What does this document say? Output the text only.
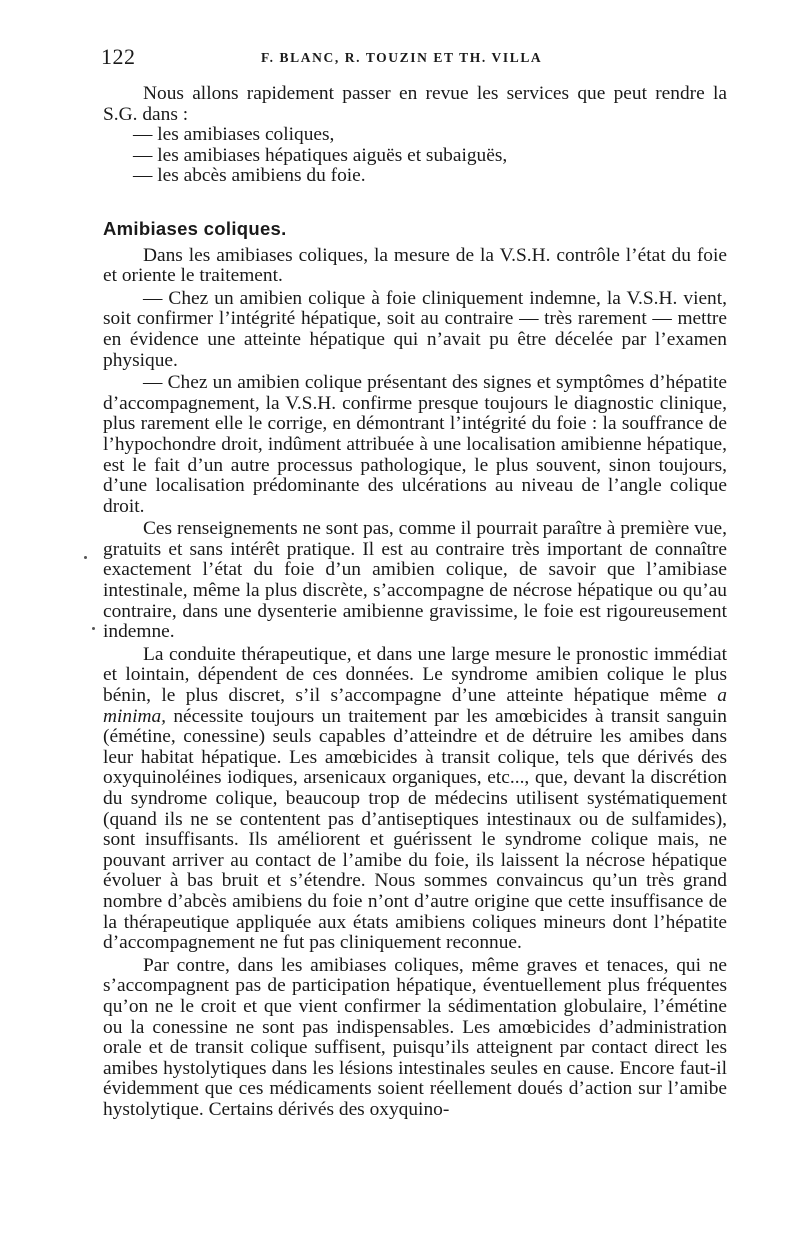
122	F. BLANC, R. TOUZIN ET TH. VILLA

Nous allons rapidement passer en revue les services que peut rendre la S.G. dans :

— les amibiases coliques,
— les amibiases hépatiques aiguës et subaiguës,
— les abcès amibiens du foie.
Amibiases coliques.

Dans les amibiases coliques, la mesure de la V.S.H. contrôle l’état du foie et oriente le traitement.

— Chez un amibien colique à foie cliniquement indemne, la V.S.H. vient, soit confirmer l’intégrité hépatique, soit au contraire — très rarement — mettre en évidence une atteinte hépatique qui n’avait pu être décelée par l’examen physique.

— Chez un amibien colique présentant des signes et symptômes d’hépatite d’accompagnement, la V.S.H. confirme presque toujours le diagnostic clinique, plus rarement elle le corrige, en démontrant l’intégrité du foie : la souffrance de l’hypochondre droit, indûment attribuée à une localisation amibienne hépatique, est le fait d’un autre processus pathologique, le plus souvent, sinon toujours, d’une localisation prédominante des ulcérations au niveau de l’angle colique droit.

Ces renseignements ne sont pas, comme il pourrait paraître à première vue, gratuits et sans intérêt pratique. Il est au contraire très important de connaître exactement l’état du foie d’un amibien colique, de savoir que l’amibiase intestinale, même la plus discrète, s’accompagne de nécrose hépatique ou qu’au contraire, dans une dysenterie amibienne gravissime, le foie est rigoureusement indemne.

La conduite thérapeutique, et dans une large mesure le pronostic immédiat et lointain, dépendent de ces données. Le syndrome amibien colique le plus bénin, le plus discret, s’il s’accompagne d’une atteinte hépatique même a minima, nécessite toujours un traitement par les amœbicides à transit sanguin (émétine, conessine) seuls capables d’atteindre et de détruire les amibes dans leur habitat hépatique. Les amœbicides à transit colique, tels que dérivés des oxyquinoléines iodiques, arsenicaux organiques, etc..., que, devant la discrétion du syndrome colique, beaucoup trop de médecins utilisent systématiquement (quand ils ne se contentent pas d’antiseptiques intestinaux ou de sulfamides), sont insuffisants. Ils améliorent et guérissent le syndrome colique mais, ne pouvant arriver au contact de l’amibe du foie, ils laissent la nécrose hépatique évoluer à bas bruit et s’étendre. Nous sommes convaincus qu’un très grand nombre d’abcès amibiens du foie n’ont d’autre origine que cette insuffisance de la thérapeutique appliquée aux états amibiens coliques mineurs dont l’hépatite d’accompagnement ne fut pas cliniquement reconnue.

Par contre, dans les amibiases coliques, même graves et tenaces, qui ne s’accompagnent pas de participation hépatique, éventuellement plus fréquentes qu’on ne le croit et que vient confirmer la sédimentation globulaire, l’émétine ou la conessine ne sont pas indispensables. Les amœbicides d’administration orale et de transit colique suffisent, puisqu’ils atteignent par contact direct les amibes hystolytiques dans les lésions intestinales seules en cause. Encore faut-il évidemment que ces médicaments soient réellement doués d’action sur l’amibe hystolytique. Certains dérivés des oxyquino-
